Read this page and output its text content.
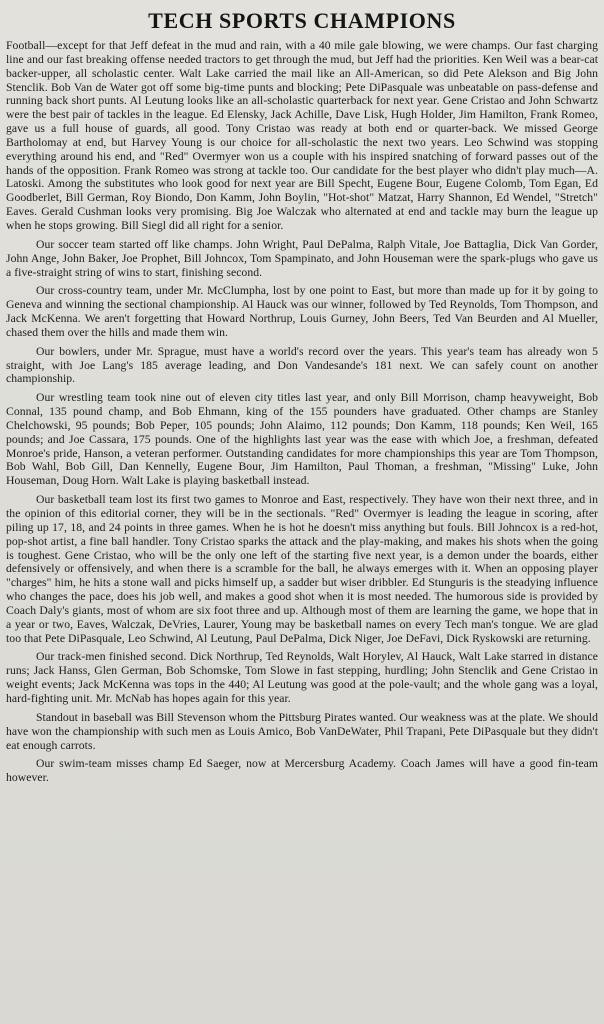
TECH SPORTS CHAMPIONS

Football—except for that Jeff defeat in the mud and rain, with a 40 mile gale blowing, we were champs. Our fast charging line and our fast breaking offense needed tractors to get through the mud, but Jeff had the priorities. Ken Weil was a bear-cat backer-upper, all scholastic center. Walt Lake carried the mail like an All-American, so did Pete Alekson and Big John Stenclik. Bob Van de Water got off some big-time punts and blocking; Pete DiPasquale was unbeatable on pass-defense and running back short punts. Al Leutung looks like an all-scholastic quarterback for next year. Gene Cristao and John Schwartz were the best pair of tackles in the league. Ed Elensky, Jack Achille, Dave Lisk, Hugh Holder, Jim Hamilton, Frank Romeo, gave us a full house of guards, all good. Tony Cristao was ready at both end or quarter-back. We missed George Bartholomay at end, but Harvey Young is our choice for all-scholastic the next two years. Leo Schwind was stopping everything around his end, and "Red" Overmyer won us a couple with his inspired snatching of forward passes out of the hands of the opposition. Frank Romeo was strong at tackle too. Our candidate for the best player who didn't play much—A. Latoski. Among the substitutes who look good for next year are Bill Specht, Eugene Bour, Eugene Colomb, Tom Egan, Ed Goodberlet, Bill German, Roy Biondo, Don Kamm, John Boylin, "Hot-shot" Matzat, Harry Shannon, Ed Wendel, "Stretch" Eaves. Gerald Cushman looks very promising. Big Joe Walczak who alternated at end and tackle may burn the league up when he stops growing. Bill Siegl did all right for a senior.

Our soccer team started off like champs. John Wright, Paul DePalma, Ralph Vitale, Joe Battaglia, Dick Van Gorder, John Ange, John Baker, Joe Prophet, Bill Johncox, Tom Spampinato, and John Houseman were the spark-plugs who gave us a five-straight string of wins to start, finishing second.

Our cross-country team, under Mr. McClumpha, lost by one point to East, but more than made up for it by going to Geneva and winning the sectional championship. Al Hauck was our winner, followed by Ted Reynolds, Tom Thompson, and Jack McKenna. We aren't forgetting that Howard Northrup, Louis Gurney, John Beers, Ted Van Beurden and Al Mueller, chased them over the hills and made them win.

Our bowlers, under Mr. Sprague, must have a world's record over the years. This year's team has already won 5 straight, with Joe Lang's 185 average leading, and Don Vandesande's 181 next. We can safely count on another championship.

Our wrestling team took nine out of eleven city titles last year, and only Bill Morrison, champ heavyweight, Bob Connal, 135 pound champ, and Bob Ehmann, king of the 155 pounders have graduated. Other champs are Stanley Chelchowski, 95 pounds; Bob Peper, 105 pounds; John Alaimo, 112 pounds; Don Kamm, 118 pounds; Ken Weil, 165 pounds; and Joe Cassara, 175 pounds. One of the highlights last year was the ease with which Joe, a freshman, defeated Monroe's pride, Hanson, a veteran performer. Outstanding candidates for more championships this year are Tom Thompson, Bob Wahl, Bob Gill, Dan Kennelly, Eugene Bour, Jim Hamilton, Paul Thoman, a freshman, "Missing" Luke, John Houseman, Doug Horn. Walt Lake is playing basketball instead.

Our basketball team lost its first two games to Monroe and East, respectively. They have won their next three, and in the opinion of this editorial corner, they will be in the sectionals. "Red" Overmyer is leading the league in scoring, after piling up 17, 18, and 24 points in three games. When he is hot he doesn't miss anything but fouls. Bill Johncox is a red-hot, pop-shot artist, a fine ball handler. Tony Cristao sparks the attack and the play-making, and makes his shots when the going is toughest. Gene Cristao, who will be the only one left of the starting five next year, is a demon under the boards, either defensively or offensively, and when there is a scramble for the ball, he always emerges with it. When an opposing player "charges" him, he hits a stone wall and picks himself up, a sadder but wiser dribbler. Ed Stunguris is the steadying influence who changes the pace, does his job well, and makes a good shot when it is most needed. The humorous side is provided by Coach Daly's giants, most of whom are six foot three and up. Although most of them are learning the game, we hope that in a year or two, Eaves, Walczak, DeVries, Laurer, Young may be basketball names on every Tech man's tongue. We are glad too that Pete DiPasquale, Leo Schwind, Al Leutung, Paul DePalma, Dick Niger, Joe DeFavi, Dick Ryskowski are returning.

Our track-men finished second. Dick Northrup, Ted Reynolds, Walt Horylev, Al Hauck, Walt Lake starred in distance runs; Jack Hanss, Glen German, Bob Schomske, Tom Slowe in fast stepping, hurdling; John Stenclik and Gene Cristao in weight events; Jack McKenna was tops in the 440; Al Leutung was good at the pole-vault; and the whole gang was a loyal, hard-fighting unit. Mr. McNab has hopes again for this year.

Standout in baseball was Bill Stevenson whom the Pittsburg Pirates wanted. Our weakness was at the plate. We should have won the championship with such men as Louis Amico, Bob VanDeWater, Phil Trapani, Pete DiPasquale but they didn't eat enough carrots.

Our swim-team misses champ Ed Saeger, now at Mercersburg Academy. Coach James will have a good fin-team however.
